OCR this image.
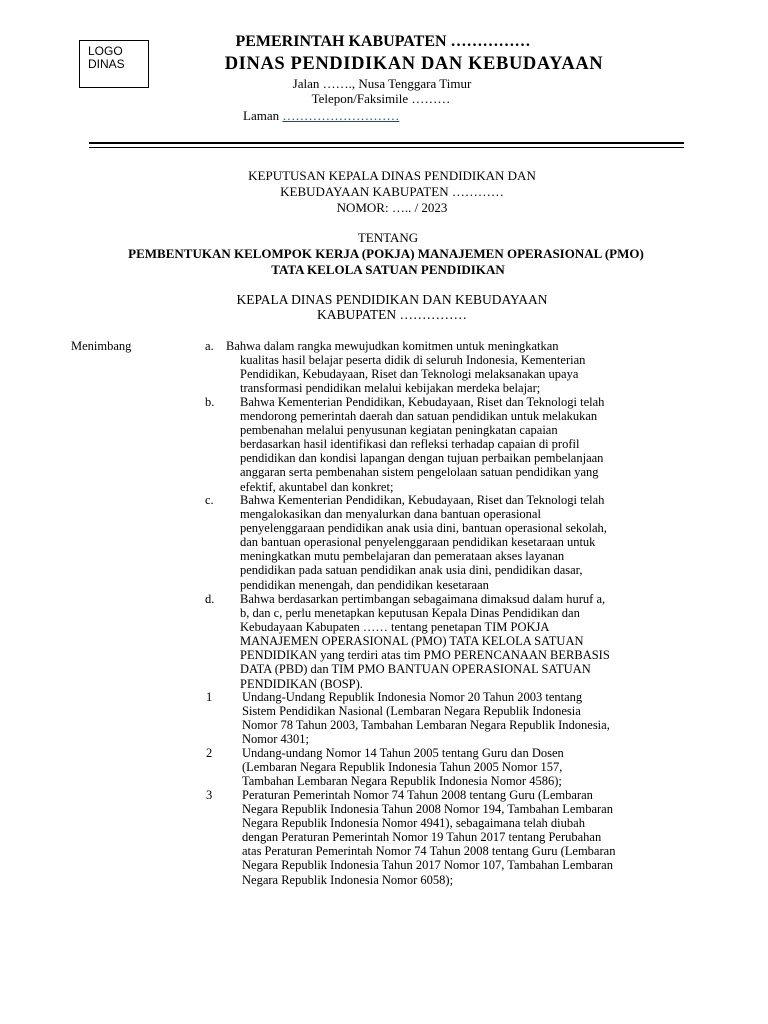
LOGO
DINAS
PEMERINTAH KABUPATEN ……………
DINAS PENDIDIKAN DAN KEBUDAYAAN
Jalan ……., Nusa Tenggara Timur
Telepon/Faksimile ………
Laman ………………………
KEPUTUSAN KEPALA DINAS PENDIDIKAN DAN
KEBUDAYAAN KABUPATEN …………
NOMOR: ….. / 2023
TENTANG
PEMBENTUKAN KELOMPOK KERJA (POKJA) MANAJEMEN OPERASIONAL (PMO)
TATA KELOLA SATUAN PENDIDIKAN
KEPALA DINAS PENDIDIKAN DAN KEBUDAYAAN
KABUPATEN ……………
Menimbang	a. Bahwa dalam rangka mewujudkan komitmen untuk meningkatkan
kualitas hasil belajar peserta didik di seluruh Indonesia, Kementerian
Pendidikan, Kebudayaan, Riset dan Teknologi melaksanakan upaya
transformasi pendidikan melalui kebijakan merdeka belajar;
b. Bahwa Kementerian Pendidikan, Kebudayaan, Riset dan Teknologi telah
mendorong pemerintah daerah dan satuan pendidikan untuk melakukan
pembenahan melalui penyusunan kegiatan peningkatan capaian
berdasarkan hasil identifikasi dan refleksi terhadap capaian di profil
pendidikan dan kondisi lapangan dengan tujuan perbaikan pembelanjaan
anggaran serta pembenahan sistem pengelolaan satuan pendidikan yang
efektif, akuntabel dan konkret;
c. Bahwa Kementerian Pendidikan, Kebudayaan, Riset dan Teknologi telah
mengalokasikan dan menyalurkan dana bantuan operasional
penyelenggaraan pendidikan anak usia dini, bantuan operasional sekolah,
dan bantuan operasional penyelenggaraan pendidikan kesetaraan untuk
meningkatkan mutu pembelajaran dan pemerataan akses layanan
pendidikan pada satuan pendidikan anak usia dini, pendidikan dasar,
pendidikan menengah, dan pendidikan kesetaraan
d. Bahwa berdasarkan pertimbangan sebagaimana dimaksud dalam huruf a,
b, dan c, perlu menetapkan keputusan Kepala Dinas Pendidikan dan
Kebudayaan Kabupaten …… tentang penetapan TIM POKJA
MANAJEMEN OPERASIONAL (PMO) TATA KELOLA SATUAN
PENDIDIKAN yang terdiri atas tim PMO PERENCANAAN BERBASIS
DATA (PBD) dan TIM PMO BANTUAN OPERASIONAL SATUAN
PENDIDIKAN (BOSP).
1 Undang-Undang Republik Indonesia Nomor 20 Tahun 2003 tentang
Sistem Pendidikan Nasional (Lembaran Negara Republik Indonesia
Nomor 78 Tahun 2003, Tambahan Lembaran Negara Republik Indonesia,
Nomor 4301;
2 Undang-undang Nomor 14 Tahun 2005 tentang Guru dan Dosen
(Lembaran Negara Republik Indonesia Tahun 2005 Nomor 157,
Tambahan Lembaran Negara Republik Indonesia Nomor 4586);
3 Peraturan Pemerintah Nomor 74 Tahun 2008 tentang Guru (Lembaran
Negara Republik Indonesia Tahun 2008 Nomor 194, Tambahan Lembaran
Negara Republik Indonesia Nomor 4941), sebagaimana telah diubah
dengan Peraturan Pemerintah Nomor 19 Tahun 2017 tentang Perubahan
atas Peraturan Pemerintah Nomor 74 Tahun 2008 tentang Guru (Lembaran
Negara Republik Indonesia Tahun 2017 Nomor 107, Tambahan Lembaran
Negara Republik Indonesia Nomor 6058);
